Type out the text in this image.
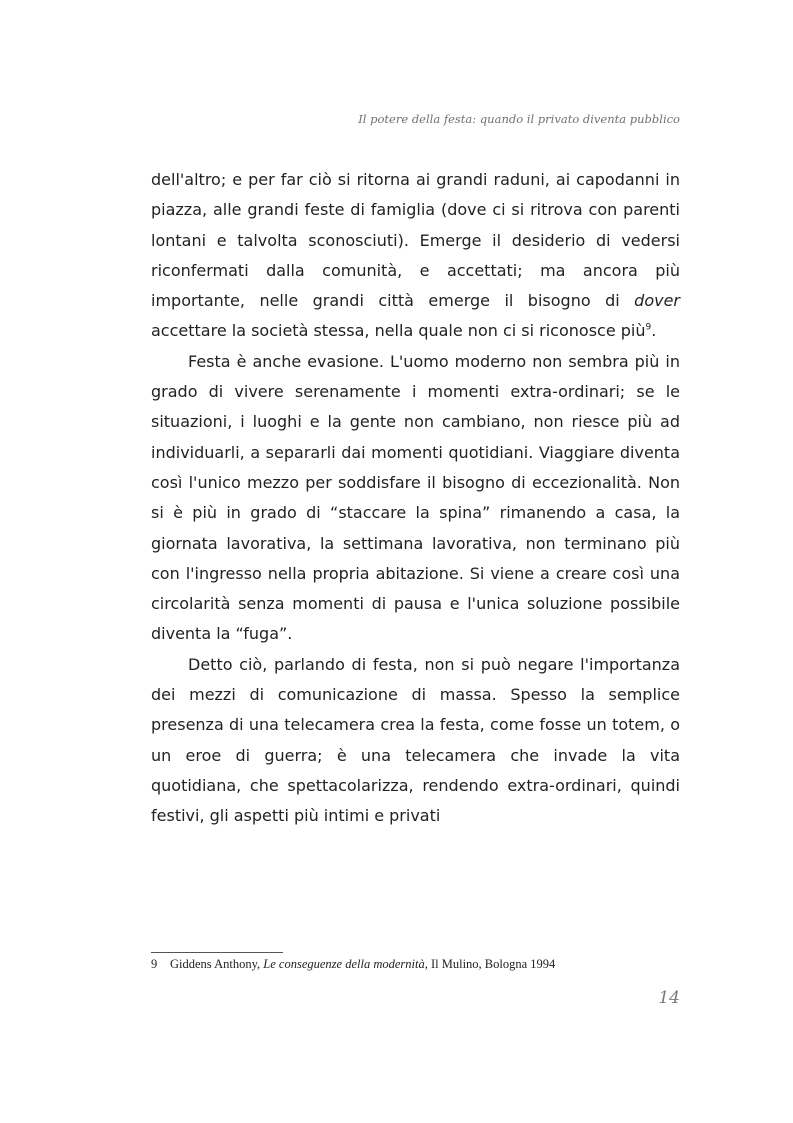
Il potere della festa: quando il privato diventa pubblico

dell'altro; e per far ciò si ritorna ai grandi raduni, ai capodanni in piazza, alle grandi feste di famiglia (dove ci si ritrova con parenti lontani e talvolta sconosciuti). Emerge il desiderio di vedersi riconfermati dalla comunità, e accettati; ma ancora più importante, nelle grandi città emerge il bisogno di dover accettare la società stessa, nella quale non ci si riconosce più$^9$.

Festa è anche evasione. L'uomo moderno non sembra più in grado di vivere serenamente i momenti extra-ordinari; se le situazioni, i luoghi e la gente non cambiano, non riesce più ad individuarli, a separarli dai momenti quotidiani. Viaggiare diventa così l'unico mezzo per soddisfare il bisogno di eccezionalità. Non si è più in grado di “staccare la spina” rimanendo a casa, la giornata lavorativa, la settimana lavorativa, non terminano più con l'ingresso nella propria abitazione. Si viene a creare così una circolarità senza momenti di pausa e l'unica soluzione possibile diventa la “fuga”.

Detto ciò, parlando di festa, non si può negare l'importanza dei mezzi di comunicazione di massa. Spesso la semplice presenza di una telecamera crea la festa, come fosse un totem, o un eroe di guerra; è una telecamera che invade la vita quotidiana, che spettacolarizza, rendendo extra-ordinari, quindi festivi, gli aspetti più intimi e privati

9 Giddens Anthony, Le conseguenze della modernità, Il Mulino, Bologna 1994
14
